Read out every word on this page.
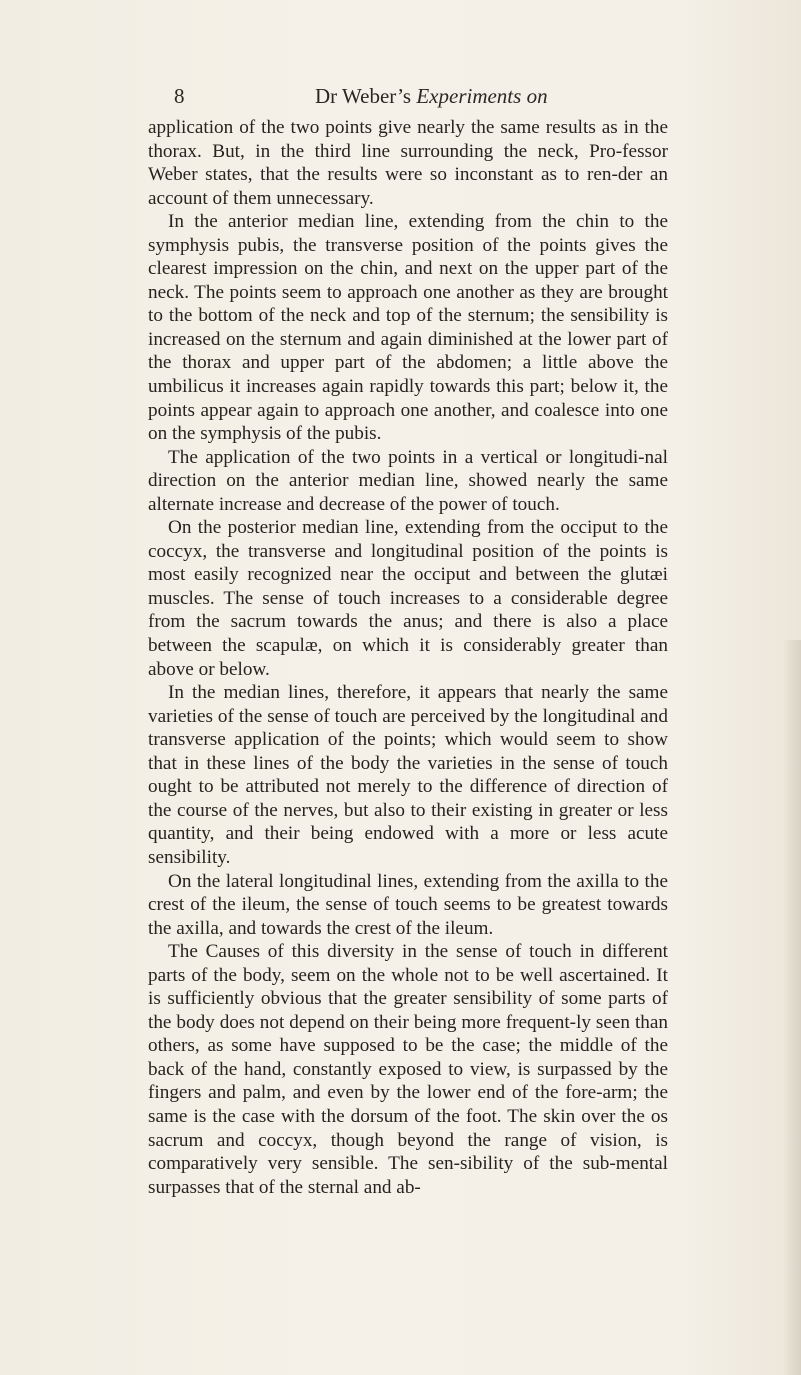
8	Dr Weber’s Experiments on

application of the two points give nearly the same results as in the thorax. But, in the third line surrounding the neck, Pro-fessor Weber states, that the results were so inconstant as to ren-der an account of them unnecessary.

In the anterior median line, extending from the chin to the symphysis pubis, the transverse position of the points gives the clearest impression on the chin, and next on the upper part of the neck. The points seem to approach one another as they are brought to the bottom of the neck and top of the sternum; the sensibility is increased on the sternum and again diminished at the lower part of the thorax and upper part of the abdomen; a little above the umbilicus it increases again rapidly towards this part; below it, the points appear again to approach one another, and coalesce into one on the symphysis of the pubis.

The application of the two points in a vertical or longitudi-nal direction on the anterior median line, showed nearly the same alternate increase and decrease of the power of touch.

On the posterior median line, extending from the occiput to the coccyx, the transverse and longitudinal position of the points is most easily recognized near the occiput and between the glutæi muscles. The sense of touch increases to a considerable degree from the sacrum towards the anus; and there is also a place between the scapulæ, on which it is considerably greater than above or below.

In the median lines, therefore, it appears that nearly the same varieties of the sense of touch are perceived by the longitudinal and transverse application of the points; which would seem to show that in these lines of the body the varieties in the sense of touch ought to be attributed not merely to the difference of direction of the course of the nerves, but also to their existing in greater or less quantity, and their being endowed with a more or less acute sensibility.

On the lateral longitudinal lines, extending from the axilla to the crest of the ileum, the sense of touch seems to be greatest towards the axilla, and towards the crest of the ileum.

The Causes of this diversity in the sense of touch in different parts of the body, seem on the whole not to be well ascertained. It is sufficiently obvious that the greater sensibility of some parts of the body does not depend on their being more frequent-ly seen than others, as some have supposed to be the case; the middle of the back of the hand, constantly exposed to view, is surpassed by the fingers and palm, and even by the lower end of the fore-arm; the same is the case with the dorsum of the foot. The skin over the os sacrum and coccyx, though beyond the range of vision, is comparatively very sensible. The sen-sibility of the sub-mental surpasses that of the sternal and ab-
